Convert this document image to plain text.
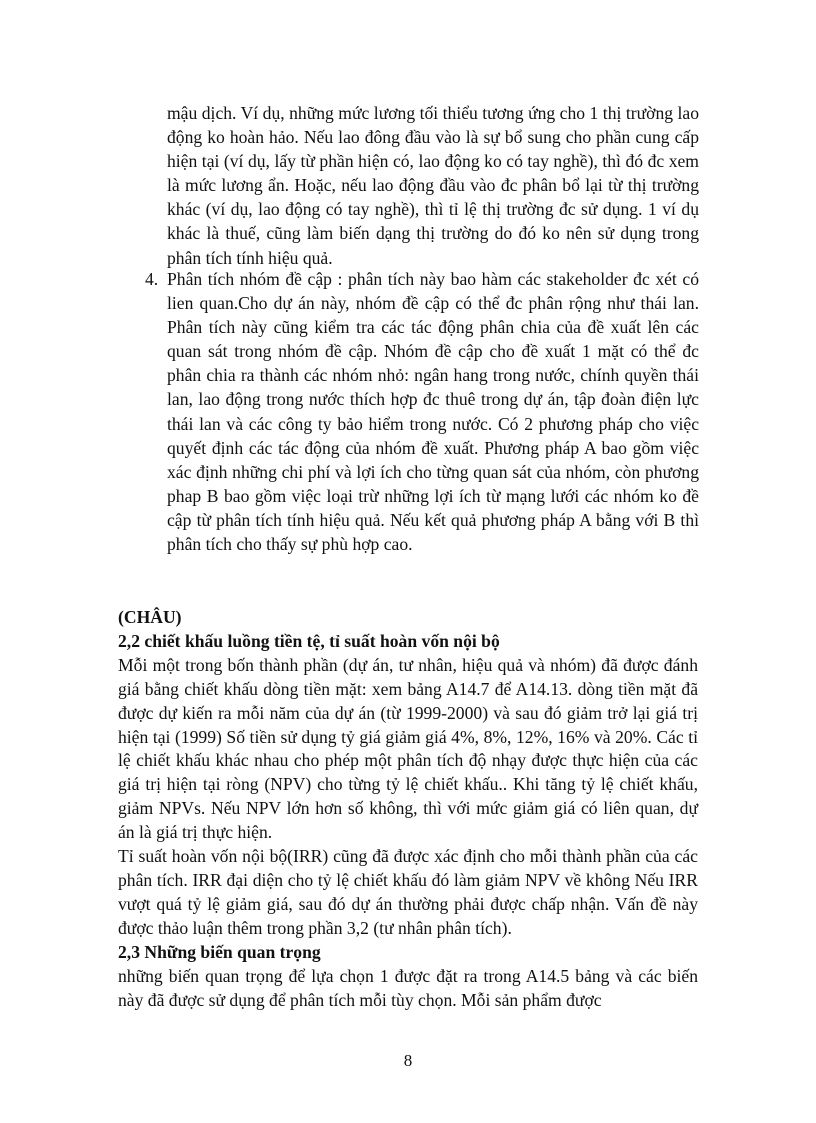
mậu dịch. Ví dụ, những mức lương tối thiểu tương ứng cho 1 thị trường lao động ko hoàn hảo. Nếu lao đông đầu vào là sự bổ sung cho phần cung cấp hiện tại (ví dụ, lấy từ phần hiện có, lao động ko có tay nghề), thì đó đc xem là mức lương ẩn. Hoặc, nếu lao động đầu vào đc phân bổ lại từ thị trường khác (ví dụ, lao động có tay nghề), thì tỉ lệ thị trường đc sử dụng. 1 ví dụ khác là thuế, cũng làm biến dạng thị trường do đó ko nên sử dụng trong phân tích tính hiệu quả.
4. Phân tích nhóm đề cập : phân tích này bao hàm các stakeholder đc xét có lien quan.Cho dự án này, nhóm đề cập có thể đc phân rộng như thái lan. Phân tích này cũng kiểm tra các tác động phân chia của đề xuất lên các quan sát trong nhóm đề cập. Nhóm đề cập cho đề xuất 1 mặt có thể đc phân chia ra thành các nhóm nhỏ: ngân hang trong nước, chính quyền thái lan, lao động trong nước thích hợp đc thuê trong dự án, tập đoàn điện lực thái lan và các công ty bảo hiểm trong nước. Có 2 phương pháp cho việc quyết định các tác động của nhóm đề xuất. Phương pháp A bao gồm việc xác định những chi phí và lợi ích cho từng quan sát của nhóm, còn phương phap B bao gồm việc loại trừ những lợi ích từ mạng lưới các nhóm ko đề cập từ phân tích tính hiệu quả. Nếu kết quả phương pháp A bằng với B thì phân tích cho thấy sự phù hợp cao.

(CHÂU)

2,2 chiết khấu luồng tiền tệ, tỉ suất hoàn vốn nội bộ

Mỗi một trong bốn thành phần (dự án, tư nhân, hiệu quả và nhóm) đã được đánh giá bằng chiết khấu dòng tiền mặt: xem bảng A14.7 để A14.13. dòng tiền mặt đã được dự kiến ra mỗi năm của dự án (từ 1999-2000) và sau đó giảm trở lại giá trị hiện tại (1999) Số tiền sử dụng tỷ giá giảm giá 4%, 8%, 12%, 16% và 20%. Các tỉ lệ chiết khấu khác nhau cho phép một phân tích độ nhạy được thực hiện của các giá trị hiện tại ròng (NPV) cho từng tỷ lệ chiết khấu.. Khi tăng tỷ lệ chiết khấu, giảm NPVs. Nếu NPV lớn hơn số không, thì với mức giảm giá có liên quan, dự án là giá trị thực hiện.

Tỉ suất hoàn vốn nội bộ(IRR) cũng đã được xác định cho mỗi thành phần của các phân tích. IRR đại diện cho tỷ lệ chiết khấu đó làm giảm NPV về không Nếu IRR vượt quá tỷ lệ giảm giá, sau đó dự án thường phải được chấp nhận. Vấn đề này được thảo luận thêm trong phần 3,2 (tư nhân phân tích).

2,3 Những biến quan trọng

những biến quan trọng để lựa chọn 1 được đặt ra trong A14.5 bảng và các biến này đã được sử dụng để phân tích mỗi tùy chọn. Mỗi sản phẩm được

8
